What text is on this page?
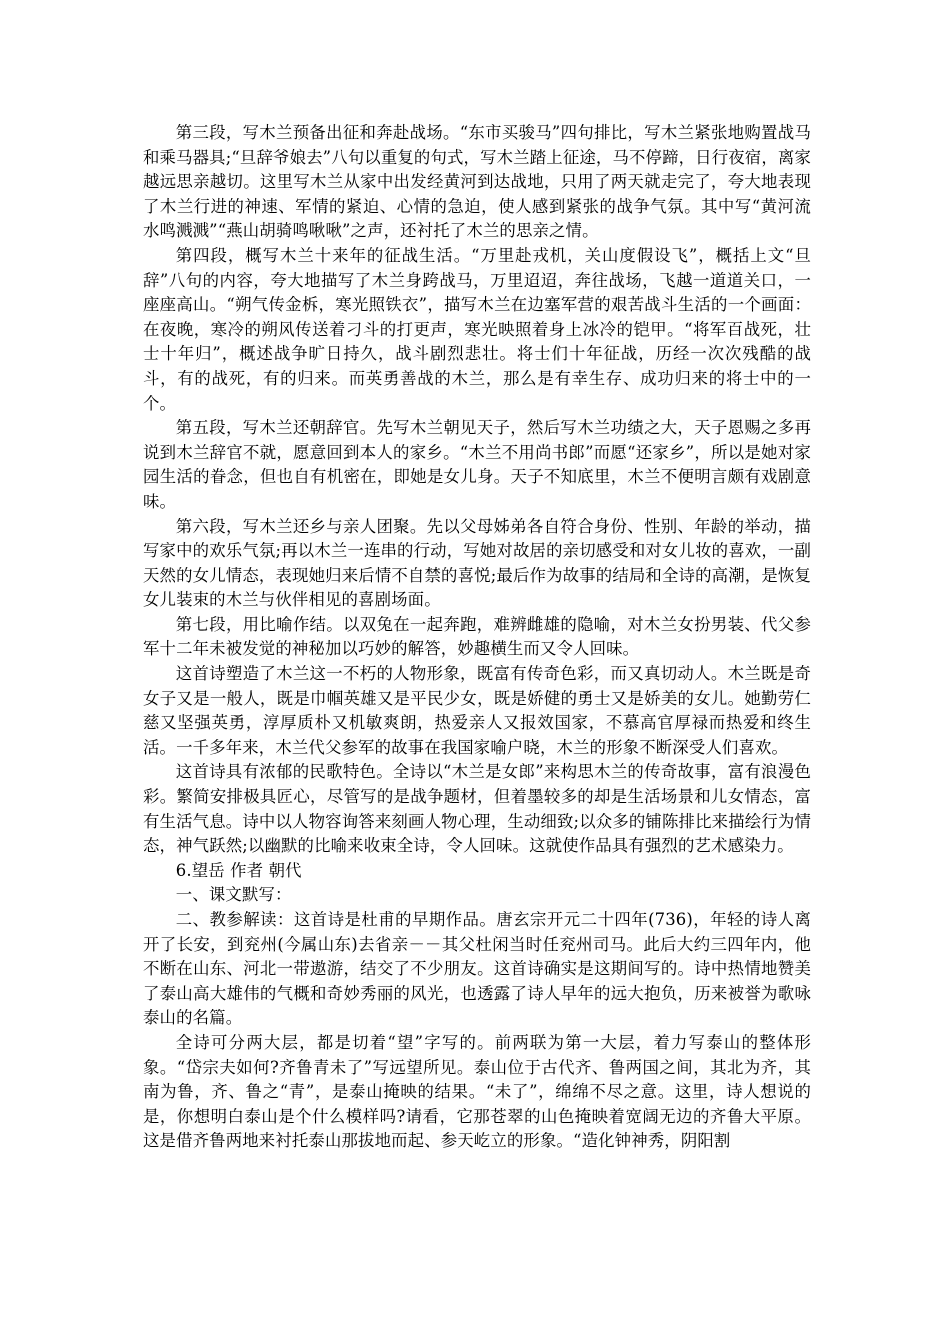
第三段，写木兰预备出征和奔赴战场。“东市买骏马”四句排比，写木兰紧张地购置战马和乘马器具;“旦辞爷娘去”八句以重复的句式，写木兰踏上征途，马不停蹄，日行夜宿，离家越远思亲越切。这里写木兰从家中出发经黄河到达战地，只用了两天就走完了，夸大地表现了木兰行进的神速、军情的紧迫、心情的急迫，使人感到紧张的战争气氛。其中写“黄河流水鸣溅溅”“燕山胡骑鸣啾啾”之声，还衬托了木兰的思亲之情。

第四段，概写木兰十来年的征战生活。“万里赴戎机，关山度假设飞”，概括上文“旦辞”八句的内容，夸大地描写了木兰身跨战马，万里迢迢，奔往战场，飞越一道道关口，一座座高山。“朔气传金柝，寒光照铁衣”，描写木兰在边塞军营的艰苦战斗生活的一个画面：在夜晚，寒冷的朔风传送着刁斗的打更声，寒光映照着身上冰冷的铠甲。“将军百战死，壮士十年归”，概述战争旷日持久，战斗剧烈悲壮。将士们十年征战，历经一次次残酷的战斗，有的战死，有的归来。而英勇善战的木兰，那么是有幸生存、成功归来的将士中的一个。

第五段，写木兰还朝辞官。先写木兰朝见天子，然后写木兰功绩之大，天子恩赐之多再说到木兰辞官不就，愿意回到本人的家乡。“木兰不用尚书郎”而愿“还家乡”，所以是她对家园生活的眷念，但也自有机密在，即她是女儿身。天子不知底里，木兰不便明言颇有戏剧意味。

第六段，写木兰还乡与亲人团聚。先以父母姊弟各自符合身份、性别、年龄的举动，描写家中的欢乐气氛;再以木兰一连串的行动，写她对故居的亲切感受和对女儿妆的喜欢，一副天然的女儿情态，表现她归来后情不自禁的喜悦;最后作为故事的结局和全诗的高潮，是恢复女儿装束的木兰与伙伴相见的喜剧场面。

第七段，用比喻作结。以双兔在一起奔跑，难辨雌雄的隐喻，对木兰女扮男装、代父参军十二年未被发觉的神秘加以巧妙的解答，妙趣横生而又令人回味。

这首诗塑造了木兰这一不朽的人物形象，既富有传奇色彩，而又真切动人。木兰既是奇女子又是一般人，既是巾帼英雄又是平民少女，既是娇健的勇士又是娇美的女儿。她勤劳仁慈又坚强英勇，淳厚质朴又机敏爽朗，热爱亲人又报效国家，不慕高官厚禄而热爱和终生活。一千多年来，木兰代父参军的故事在我国家喻户晓，木兰的形象不断深受人们喜欢。

这首诗具有浓郁的民歌特色。全诗以“木兰是女郎”来构思木兰的传奇故事，富有浪漫色彩。繁简安排极具匠心，尽管写的是战争题材，但着墨较多的却是生活场景和儿女情态，富有生活气息。诗中以人物容询答来刻画人物心理，生动细致;以众多的铺陈排比来描绘行为情态，神气跃然;以幽默的比喻来收束全诗，令人回味。这就使作品具有强烈的艺术感染力。

6.望岳 作者 朝代

一、课文默写：

二、教参解读：这首诗是杜甫的早期作品。唐玄宗开元二十四年(736)，年轻的诗人离开了长安，到兖州(今属山东)去省亲－－其父杜闲当时任兖州司马。此后大约三四年内，他不断在山东、河北一带遨游，结交了不少朋友。这首诗确实是这期间写的。诗中热情地赞美了泰山高大雄伟的气概和奇妙秀丽的风光，也透露了诗人早年的远大抱负，历来被誉为歌咏泰山的名篇。

全诗可分两大层，都是切着“望”字写的。前两联为第一大层，着力写泰山的整体形象。“岱宗夫如何?齐鲁青未了”写远望所见。泰山位于古代齐、鲁两国之间，其北为齐，其南为鲁，齐、鲁之“青”，是泰山掩映的结果。“未了”，绵绵不尽之意。这里，诗人想说的是，你想明白泰山是个什么模样吗?请看，它那苍翠的山色掩映着宽阔无边的齐鲁大平原。这是借齐鲁两地来衬托泰山那拔地而起、参天屹立的形象。“造化钟神秀，阴阳割
